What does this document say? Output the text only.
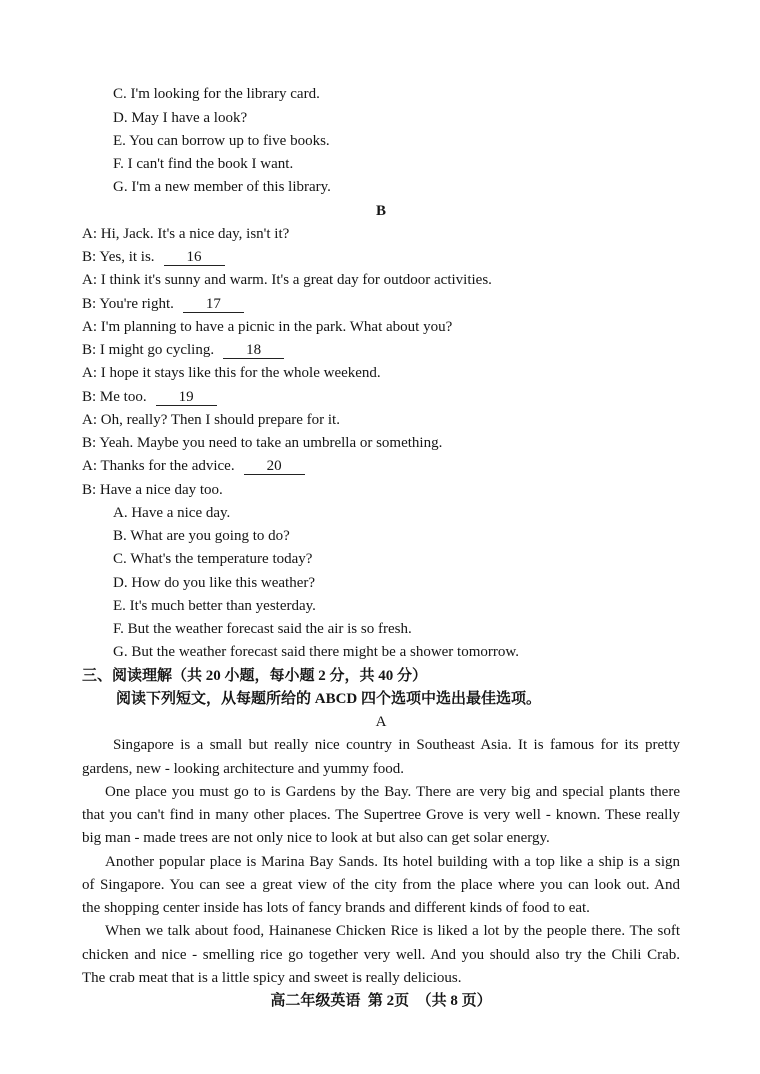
C. I'm looking for the library card.
D. May I have a look?
E. You can borrow up to five books.
F. I can't find the book I want.
G. I'm a new member of this library.
B
A: Hi, Jack. It's a nice day, isn't it?
B: Yes, it is. 16
A: I think it's sunny and warm. It's a great day for outdoor activities.
B: You're right. 17
A: I'm planning to have a picnic in the park. What about you?
B: I might go cycling. 18
A: I hope it stays like this for the whole weekend.
B: Me too. 19
A: Oh, really? Then I should prepare for it.
B: Yeah. Maybe you need to take an umbrella or something.
A: Thanks for the advice. 20
B: Have a nice day too.
A. Have a nice day.
B. What are you going to do?
C. What's the temperature today?
D. How do you like this weather?
E. It's much better than yesterday.
F. But the weather forecast said the air is so fresh.
G. But the weather forecast said there might be a shower tomorrow.
三、阅读理解（共 20 小题，每小题 2 分，共 40 分）
阅读下列短文，从每题所给的 ABCD 四个选项中选出最佳选项。
A
Singapore is a small but really nice country in Southeast Asia. It is famous for its pretty
gardens, new - looking architecture and yummy food.
One place you must go to is Gardens by the Bay. There are very big and special plants there
that you can't find in many other places. The Supertree Grove is very well - known. These really
big man - made trees are not only nice to look at but also can get solar energy.
Another popular place is Marina Bay Sands. Its hotel building with a top like a ship is a sign
of Singapore. You can see a great view of the city from the place where you can look out. And
the shopping center inside has lots of fancy brands and different kinds of food to eat.
When we talk about food, Hainanese Chicken Rice is liked a lot by the people there. The soft
chicken and nice - smelling rice go together very well. And you should also try the Chili Crab.
The crab meat that is a little spicy and sweet is really delicious.
高二年级英语  第 2页  （共 8 页）
